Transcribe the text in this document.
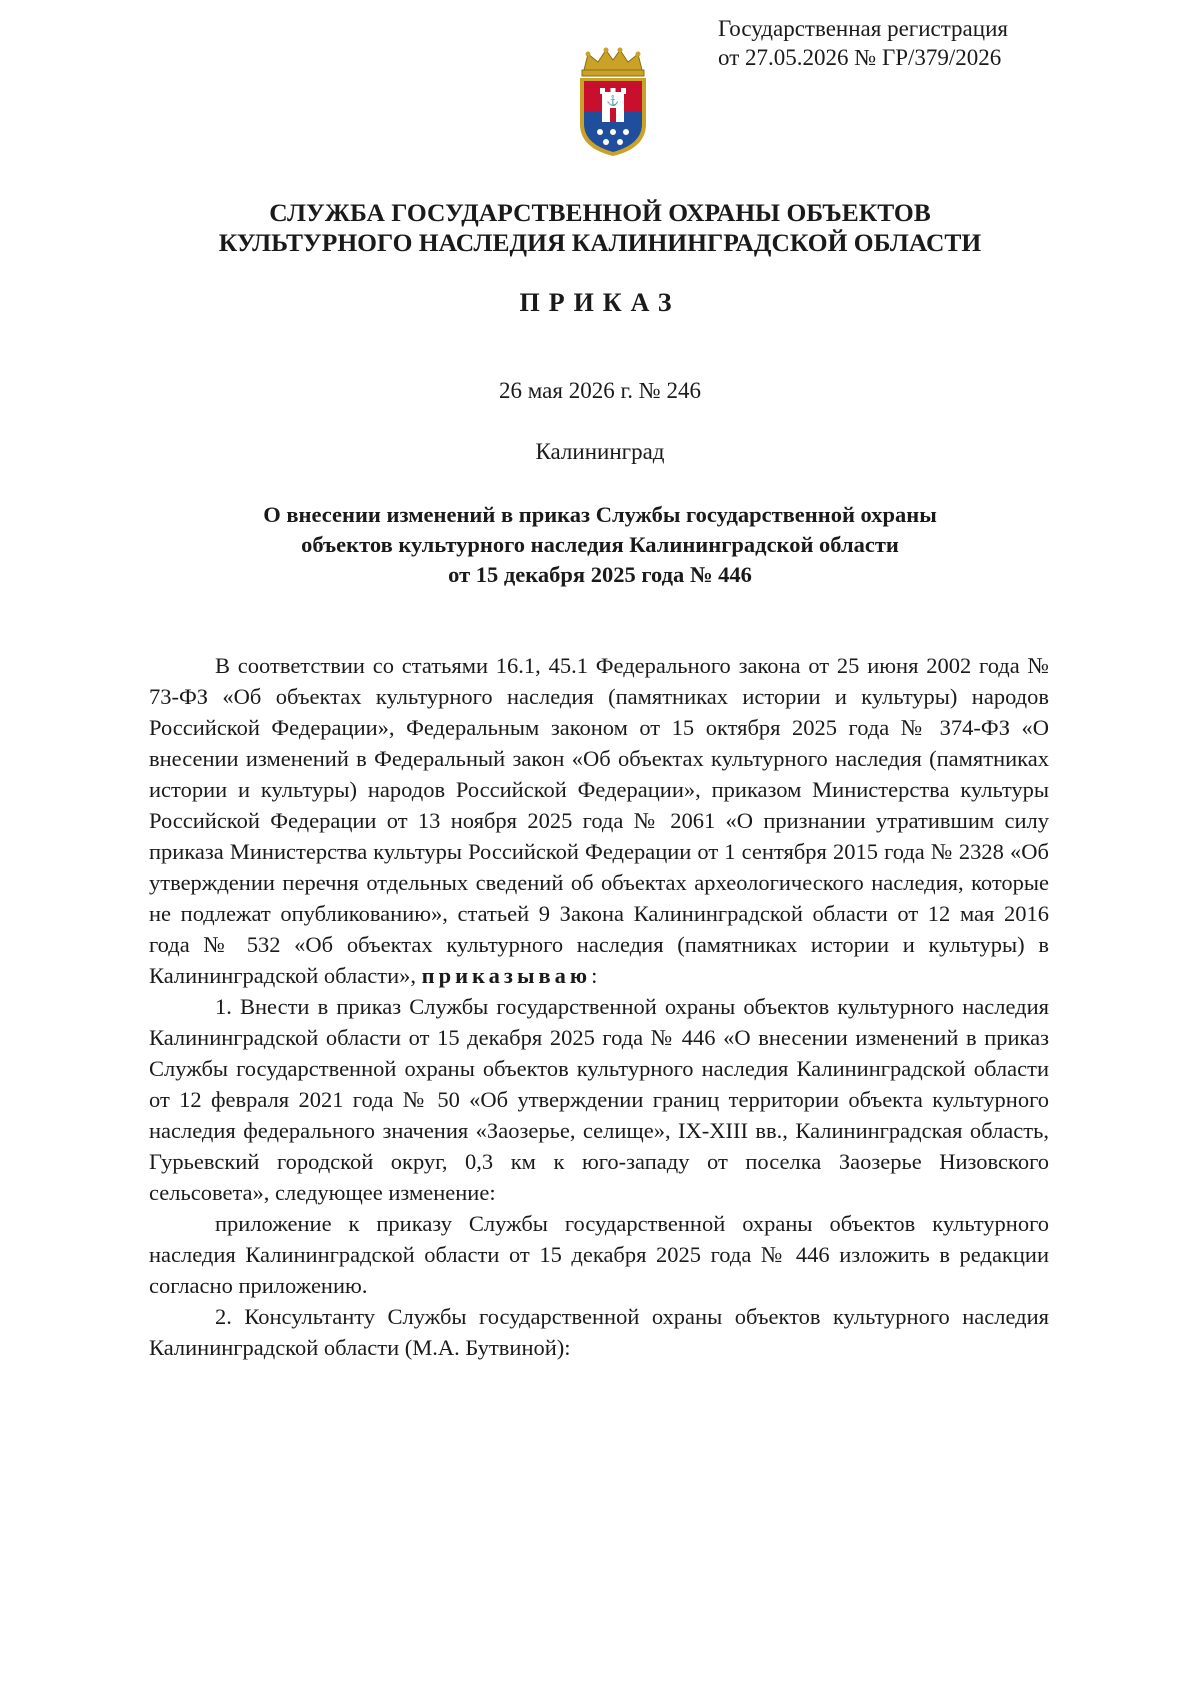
Государственная регистрация
от 27.05.2026 № ГР/379/2026
⚓
СЛУЖБА ГОСУДАРСТВЕННОЙ ОХРАНЫ ОБЪЕКТОВ
КУЛЬТУРНОГО НАСЛЕДИЯ КАЛИНИНГРАДСКОЙ ОБЛАСТИ
ПРИКАЗ
26 мая 2026 г. № 246
Калининград
О внесении изменений в приказ Службы государственной охраны
объектов культурного наследия Калининградской области
от 15 декабря 2025 года № 446
В соответствии со статьями 16.1, 45.1 Федерального закона от 25 июня 2002 года № 73-ФЗ «Об объектах культурного наследия (памятниках истории и культуры) народов Российской Федерации», Федеральным законом от 15 октября 2025 года № 374-ФЗ «О внесении изменений в Федеральный закон «Об объектах культурного наследия (памятниках истории и культуры) народов Российской Федерации», приказом Министерства культуры Российской Федерации от 13 ноября 2025 года № 2061 «О признании утратившим силу приказа Министерства культуры Российской Федерации от 1 сентября 2015 года № 2328 «Об утверждении перечня отдельных сведений об объектах археологического наследия, которые не подлежат опубликованию», статьей 9 Закона Калининградской области от 12 мая 2016 года № 532 «Об объектах культурного наследия (памятниках истории и культуры) в Калининградской области», приказываю:
1. Внести в приказ Службы государственной охраны объектов культурного наследия Калининградской области от 15 декабря 2025 года № 446 «О внесении изменений в приказ Службы государственной охраны объектов культурного наследия Калининградской области от 12 февраля 2021 года № 50 «Об утверждении границ территории объекта культурного наследия федерального значения «Заозерье, селище», IX-XIII вв., Калининградская область, Гурьевский городской округ, 0,3 км к юго-западу от поселка Заозерье Низовского сельсовета», следующее изменение:
приложение к приказу Службы государственной охраны объектов культурного наследия Калининградской области от 15 декабря 2025 года № 446 изложить в редакции согласно приложению.
2. Консультанту Службы государственной охраны объектов культурного наследия Калининградской области (М.А. Бутвиной):
